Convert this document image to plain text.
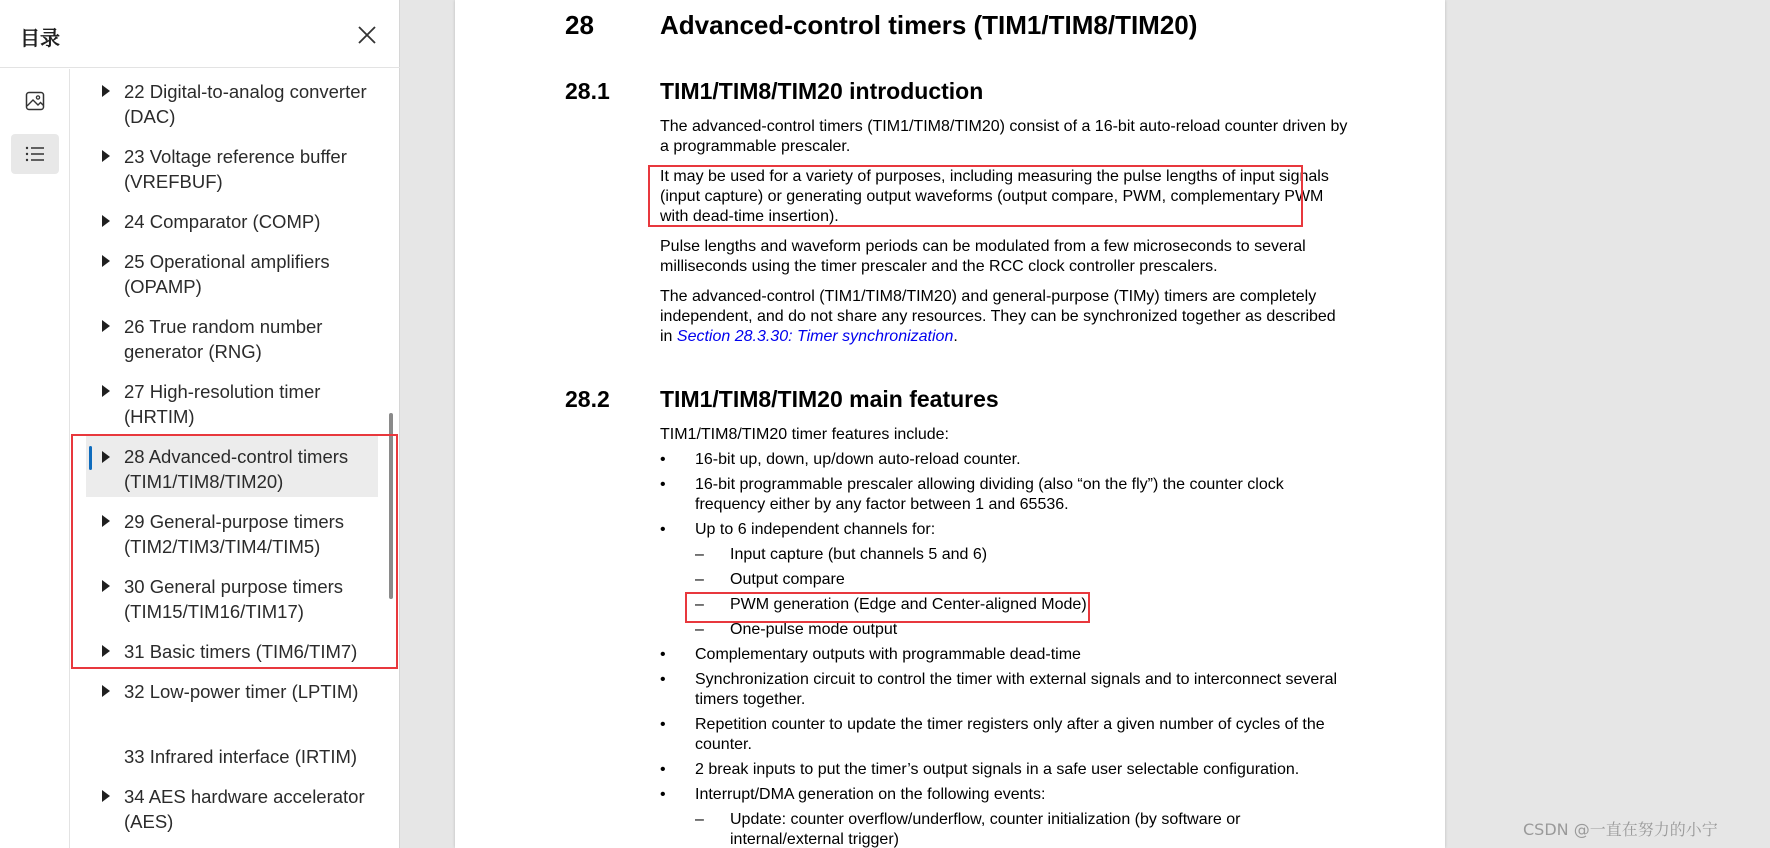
目录
22 Digital-to-analog converter (DAC)
23 Voltage reference buffer (VREFBUF)
24 Comparator (COMP)
25 Operational amplifiers (OPAMP)
26 True random number generator (RNG)
27 High-resolution timer (HRTIM)
28 Advanced-control timers (TIM1/TIM8/TIM20)
29 General-purpose timers (TIM2/TIM3/TIM4/TIM5)
30 General purpose timers (TIM15/TIM16/TIM17)
31 Basic timers (TIM6/TIM7)
32 Low-power timer (LPTIM)
33 Infrared interface (IRTIM)
34 AES hardware accelerator (AES)
28	Advanced-control timers (TIM1/TIM8/TIM20)
28.1 TIM1/TIM8/TIM20 introduction
The advanced-control timers (TIM1/TIM8/TIM20) consist of a 16-bit auto-reload counter driven by a programmable prescaler.
It may be used for a variety of purposes, including measuring the pulse lengths of input signals (input capture) or generating output waveforms (output compare, PWM, complementary PWM with dead-time insertion).
Pulse lengths and waveform periods can be modulated from a few microseconds to several milliseconds using the timer prescaler and the RCC clock controller prescalers.
The advanced-control (TIM1/TIM8/TIM20) and general-purpose (TIMy) timers are completely independent, and do not share any resources. They can be synchronized together as described in Section 28.3.30: Timer synchronization.
28.2 TIM1/TIM8/TIM20 main features
TIM1/TIM8/TIM20 timer features include:
• 16-bit up, down, up/down auto-reload counter.
• 16-bit programmable prescaler allowing dividing (also “on the fly”) the counter clock frequency either by any factor between 1 and 65536.
• Up to 6 independent channels for:
– Input capture (but channels 5 and 6)
– Output compare
– PWM generation (Edge and Center-aligned Mode)
– One-pulse mode output
• Complementary outputs with programmable dead-time
• Synchronization circuit to control the timer with external signals and to interconnect several timers together.
• Repetition counter to update the timer registers only after a given number of cycles of the counter.
• 2 break inputs to put the timer’s output signals in a safe user selectable configuration.
• Interrupt/DMA generation on the following events:
– Update: counter overflow/underflow, counter initialization (by software or internal/external trigger)
CSDN @一直在努力的小宁
